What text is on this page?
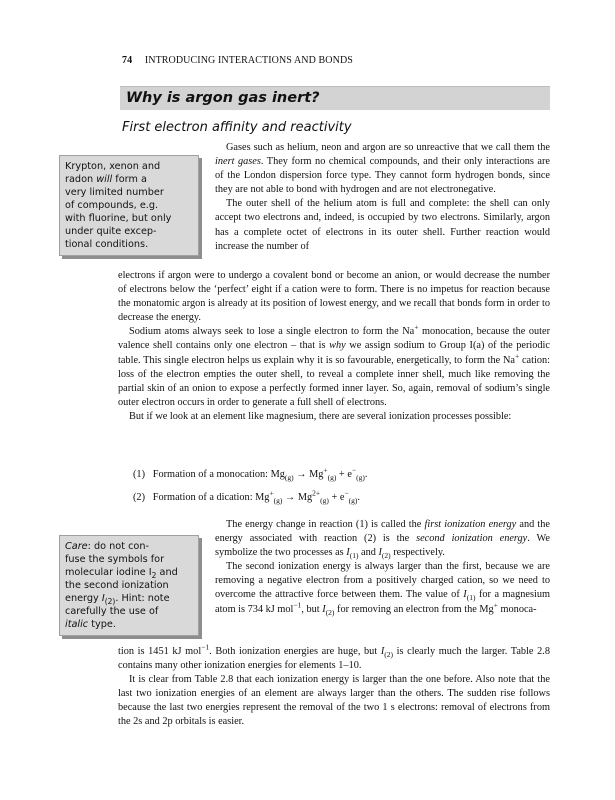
74 INTRODUCING INTERACTIONS AND BONDS
Why is argon gas inert?
First electron affinity and reactivity
Krypton, xenon and
radon will form a
very limited number
of compounds, e.g.
with fluorine, but only
under quite excep-
tional conditions.
Care: do not con-
fuse the symbols for
molecular iodine $I_2$ and
the second ionization
energy $I_{(2)}$. Hint: note
carefully the use of
italic type.

Gases such as helium, neon and argon are so unreactive that we call them the inert gases. They form no chemical compounds, and their only interactions are of the London dispersion force type. They cannot form hydrogen bonds, since they are not able to bond with hydrogen and are not electronegative.

The outer shell of the helium atom is full and complete: the shell can only accept two electrons and, indeed, is occupied by two electrons. Similarly, argon has a complete octet of electrons in its outer shell. Further reaction would increase the number of

electrons if argon were to undergo a covalent bond or become an anion, or would decrease the number of electrons below the ‘perfect’ eight if a cation were to form. There is no impetus for reaction because the monatomic argon is already at its position of lowest energy, and we recall that bonds form in order to decrease the energy.

Sodium atoms always seek to lose a single electron to form the Na+ monocation, because the outer valence shell contains only one electron – that is why we assign sodium to Group I(a) of the periodic table. This single electron helps us explain why it is so favourable, energetically, to form the Na+ cation: loss of the electron empties the outer shell, to reveal a complete inner shell, much like removing the partial skin of an onion to expose a perfectly formed inner layer. So, again, removal of sodium’s single outer electron occurs in order to generate a full shell of electrons.

But if we look at an element like magnesium, there are several ionization processes possible:

(1) Formation of a monocation: $Mg_{(g)} \to Mg^+_{(g)} + e^-_{(g)}$.
(2) Formation of a dication: $Mg^+_{(g)} \to Mg^{2+}_{(g)} + e^-_{(g)}$.

The energy change in reaction (1) is called the first ionization energy and the energy associated with reaction (2) is the second ionization energy. We symbolize the two processes as $I_{(1)}$ and $I_{(2)}$ respectively.

The second ionization energy is always larger than the first, because we are removing a negative electron from a positively charged cation, so we need to overcome the attractive force between them. The value of $I_{(1)}$ for a magnesium atom is 734 kJ mol$^{-1}$, but $I_{(2)}$ for removing an electron from the Mg+ monoca-

tion is 1451 kJ mol$^{-1}$. Both ionization energies are huge, but $I_{(2)}$ is clearly much the larger. Table 2.8 contains many other ionization energies for elements 1–10.

It is clear from Table 2.8 that each ionization energy is larger than the one before. Also note that the last two ionization energies of an element are always larger than the others. The sudden rise follows because the last two energies represent the removal of the two 1 s electrons: removal of electrons from the 2s and 2p orbitals is easier.
